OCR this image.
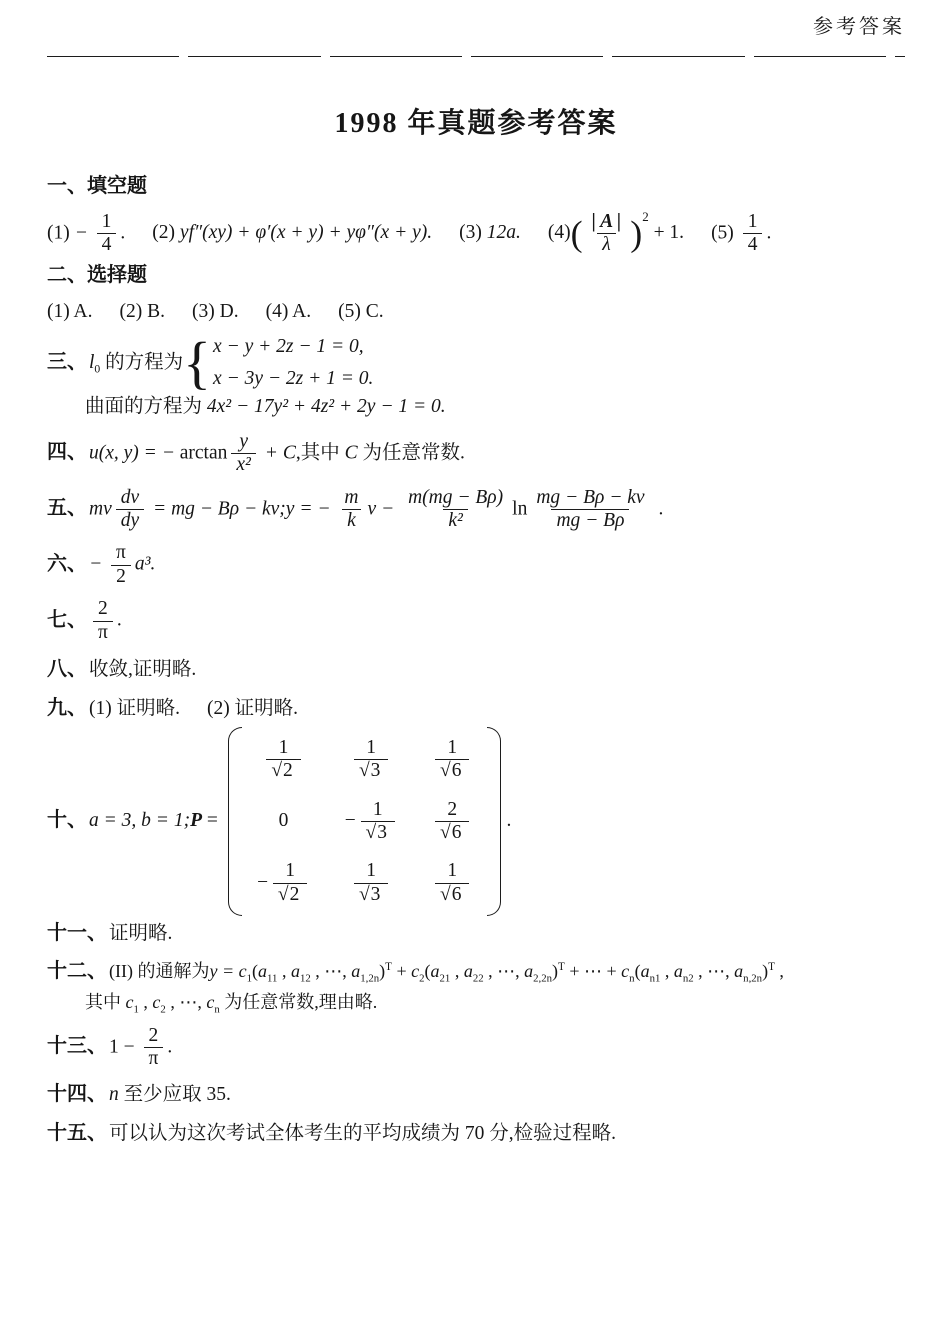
参考答案
1998 年真题参考答案

一、填空题

$(1) - \frac{1}{4}$ . (2) yf″(xy) + φ′(x + y) + yφ″(x + y). (3) 12a. $(4)( \frac{| A |}{\lambda} )^2 + 1$. $(5) \frac{1}{4}$ .

二、选择题

(1) A. (2) B. (3) D. (4) A. (5) C.

三、 $l_0$ 的方程为 { x − y + 2z − 1 = 0,
x − 3y − 2z + 1 = 0.

曲面的方程为 4x² − 17y² + 4z² + 2y − 1 = 0.

四、 u(x, y) = − $\arctan \frac{y}{\text{x²}} + C$,其中 C 为任意常数.

五、 mv $\frac{dv}{dy}$ = mg − Bρ − kv;y = − $\frac{m}{k}$ $v - \frac{m(mg - B\rho)}{\text{k²}}$ $\ln \frac{mg - B\rho - kv}{mg - B\rho}$ .

六、 − $\frac{\pi}{2} a^3$.

七、 $\frac{2}{\pi}$ .

八、 收敛,证明略.

九、 (1) 证明略. (2) 证明略.

十、 a = 3, b = 1;P =
$\frac{1}{√2}$	$\frac{1}{√3} \frac{1}{√6}$
0	− $\frac{1}{√3} \frac{2}{√6}$
− $\frac{1}{√2} \frac{1}{√3} \frac{1}{√6}$
.

十一、 证明略.

十二、 (II) 的通解为$y = c_1(a_{11}$ , $a_{12}$ , ⋯, $a_{1,2n})^T + c_2(a_{21}$ , $a_{22}$ , ⋯, $a_{2,2n})^T$ + ⋯ + $c_n(a_{n1}$ , $a_{n2}$ , ⋯, $a_{n,2n})^T$ ,

其中 $c_1$ , $c_2$ , ⋯, $c_n$ 为任意常数,理由略.

十三、 $1 - \frac{2}{\pi}$ .

十四、 n 至少应取 35.

十五、 可以认为这次考试全体考生的平均成绩为 70 分,检验过程略.
